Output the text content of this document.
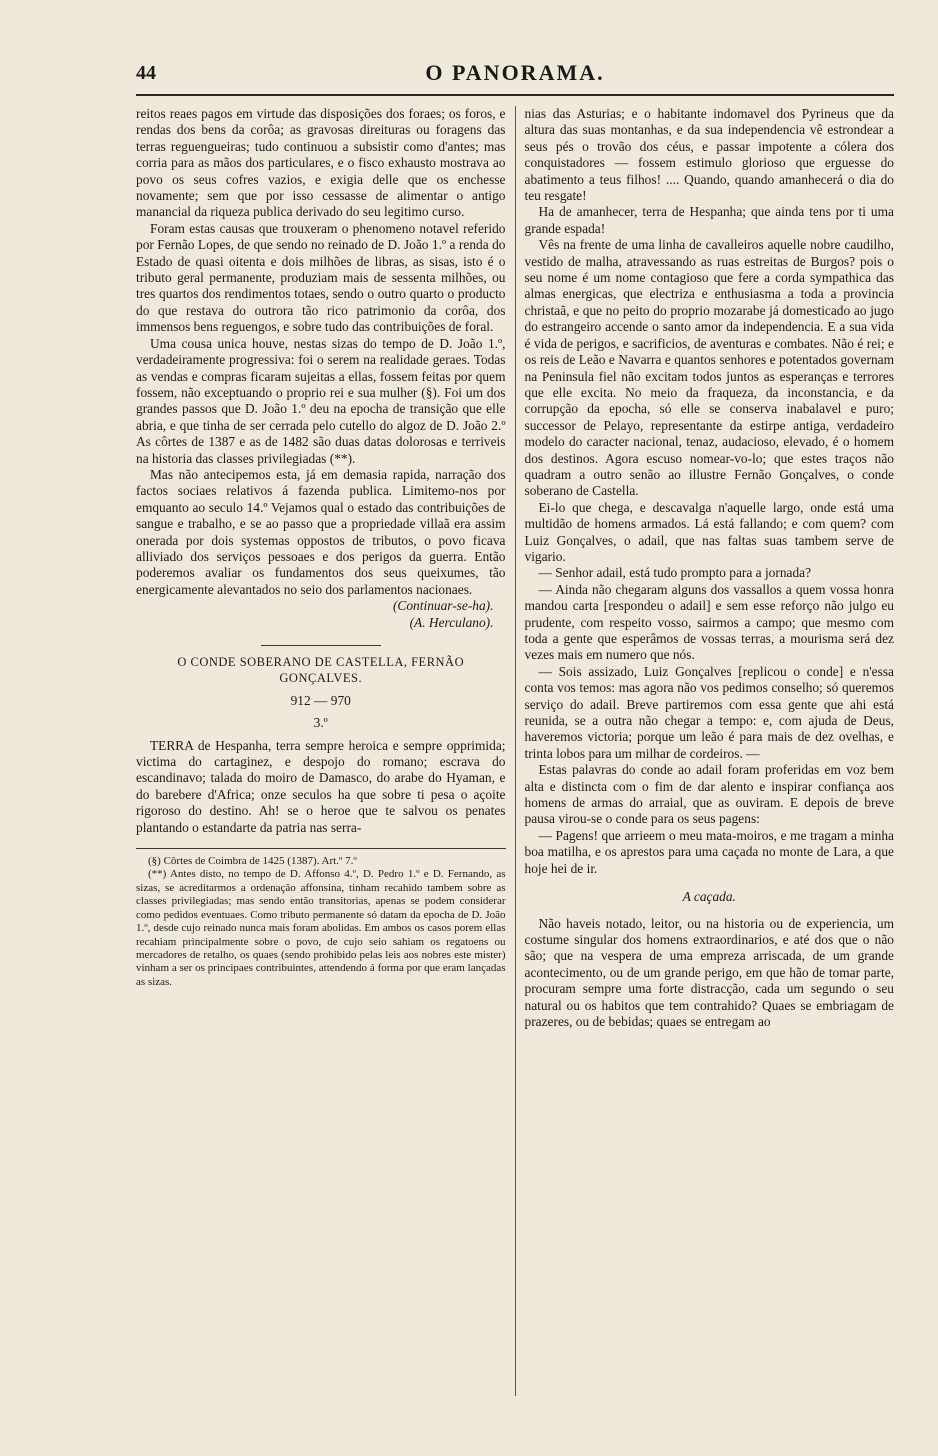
44	O PANORAMA.

reitos reaes pagos em virtude das disposições dos foraes; os foros, e rendas dos bens da corôa; as gravosas direituras ou foragens das terras reguengueiras; tudo continuou a subsistir como d'antes; mas corria para as mãos dos particulares, e o fisco exhausto mostrava ao povo os seus cofres vazios, e exigia delle que os enchesse novamente; sem que por isso cessasse de alimentar o antigo manancial da riqueza publica derivado do seu legitimo curso.

Foram estas causas que trouxeram o phenomeno notavel referido por Fernão Lopes, de que sendo no reinado de D. João 1.º a renda do Estado de quasi oitenta e dois milhões de libras, as sisas, isto é o tributo geral permanente, produziam mais de sessenta milhões, ou tres quartos dos rendimentos totaes, sendo o outro quarto o producto do que restava do outrora tão rico patrimonio da corôa, dos immensos bens reguengos, e sobre tudo das contribuições de foral.

Uma cousa unica houve, nestas sizas do tempo de D. João 1.º, verdadeiramente progressiva: foi o serem na realidade geraes. Todas as vendas e compras ficaram sujeitas a ellas, fossem feitas por quem fossem, não exceptuando o proprio rei e sua mulher (§). Foi um dos grandes passos que D. João 1.º deu na epocha de transição que elle abria, e que tinha de ser cerrada pelo cutello do algoz de D. João 2.º As côrtes de 1387 e as de 1482 são duas datas dolorosas e terriveis na historia das classes privilegiadas (**).

Mas não antecipemos esta, já em demasia rapida, narração dos factos sociaes relativos á fazenda publica. Limitemo-nos por emquanto ao seculo 14.º Vejamos qual o estado das contribuições de sangue e trabalho, e se ao passo que a propriedade villaã era assim onerada por dois systemas oppostos de tributos, o povo ficava alliviado dos serviços pessoaes e dos perigos da guerra. Então poderemos avaliar os fundamentos dos seus queixumes, tão energicamente alevantados no seio dos parlamentos nacionaes.

(Continuar-se-ha).

(A. Herculano).

O CONDE SOBERANO DE CASTELLA, FERNÃO GONÇALVES.

912 — 970

3.º

TERRA de Hespanha, terra sempre heroica e sempre opprimida; victima do cartaginez, e despojo do romano; escrava do escandinavo; talada do moiro de Damasco, do arabe do Hyaman, e do barebere d'Africa; onze seculos ha que sobre ti pesa o açoite rigoroso do destino. Ah! se o heroe que te salvou os penates plantando o estandarte da patria nas serra-

(§) Côrtes de Coimbra de 1425 (1387). Art.º 7.º

(**) Antes disto, no tempo de D. Affonso 4.º, D. Pedro 1.º e D. Fernando, as sizas, se acreditarmos a ordenação affonsina, tinham recahido tambem sobre as classes privilegiadas; mas sendo então transitorias, apenas se podem considerar como pedidos eventuaes. Como tributo permanente só datam da epocha de D. João 1.º, desde cujo reinado nunca mais foram abolidas. Em ambos os casos porem ellas recahiam principalmente sobre o povo, de cujo seio sahiam os regatoens ou mercadores de retalho, os quaes (sendo prohibido pelas leis aos nobres este mister) vinham a ser os principaes contribuintes, attendendo á forma por que eram lançadas as sizas.

nias das Asturias; e o habitante indomavel dos Pyrineus que da altura das suas montanhas, e da sua independencia vê estrondear a seus pés o trovão dos céus, e passar impotente a cólera dos conquistadores — fossem estimulo glorioso que erguesse do abatimento a teus filhos! .... Quando, quando amanhecerá o dia do teu resgate!

Ha de amanhecer, terra de Hespanha; que ainda tens por ti uma grande espada!

Vês na frente de uma linha de cavalleiros aquelle nobre caudilho, vestido de malha, atravessando as ruas estreitas de Burgos? pois o seu nome é um nome contagioso que fere a corda sympathica das almas energicas, que electriza e enthusiasma a toda a provincia christaã, e que no peito do proprio mozarabe já domesticado ao jugo do estrangeiro accende o santo amor da independencia. E a sua vida é vida de perigos, e sacrificios, de aventuras e combates. Não é rei; e os reis de Leão e Navarra e quantos senhores e potentados governam na Peninsula fiel não excitam todos juntos as esperanças e terrores que elle excita. No meio da fraqueza, da inconstancia, e da corrupção da epocha, só elle se conserva inabalavel e puro; successor de Pelayo, representante da estirpe antiga, verdadeiro modelo do caracter nacional, tenaz, audacioso, elevado, é o homem dos destinos. Agora escuso nomear-vo-lo; que estes traços não quadram a outro senão ao illustre Fernão Gonçalves, o conde soberano de Castella.

Ei-lo que chega, e descavalga n'aquelle largo, onde está uma multidão de homens armados. Lá está fallando; e com quem? com Luiz Gonçalves, o adail, que nas faltas suas tambem serve de vigario.

— Senhor adail, está tudo prompto para a jornada?

— Ainda não chegaram alguns dos vassallos a quem vossa honra mandou carta [respondeu o adail] e sem esse reforço não julgo eu prudente, com respeito vosso, sairmos a campo; que mesmo com toda a gente que esperâmos de vossas terras, a mourisma será dez vezes mais em numero que nós.

— Sois assizado, Luiz Gonçalves [replicou o conde] e n'essa conta vos temos: mas agora não vos pedimos conselho; só queremos serviço do adail. Breve partiremos com essa gente que ahi está reunida, se a outra não chegar a tempo: e, com ajuda de Deus, haveremos victoria; porque um leão é para mais de dez ovelhas, e trinta lobos para um milhar de cordeiros. —

Estas palavras do conde ao adail foram proferidas em voz bem alta e distincta com o fim de dar alento e inspirar confiança aos homens de armas do arraial, que as ouviram. E depois de breve pausa virou-se o conde para os seus pagens:

— Pagens! que arrieem o meu mata-moiros, e me tragam a minha boa matilha, e os aprestos para uma caçada no monte de Lara, a que hoje hei de ir.

A caçada.

Não haveis notado, leitor, ou na historia ou de experiencia, um costume singular dos homens extraordinarios, e até dos que o não são; que na vespera de uma empreza arriscada, de um grande acontecimento, ou de um grande perigo, em que hão de tomar parte, procuram sempre uma forte distracção, cada um segundo o seu natural ou os habitos que tem contrahido? Quaes se embriagam de prazeres, ou de bebidas; quaes se entregam ao
